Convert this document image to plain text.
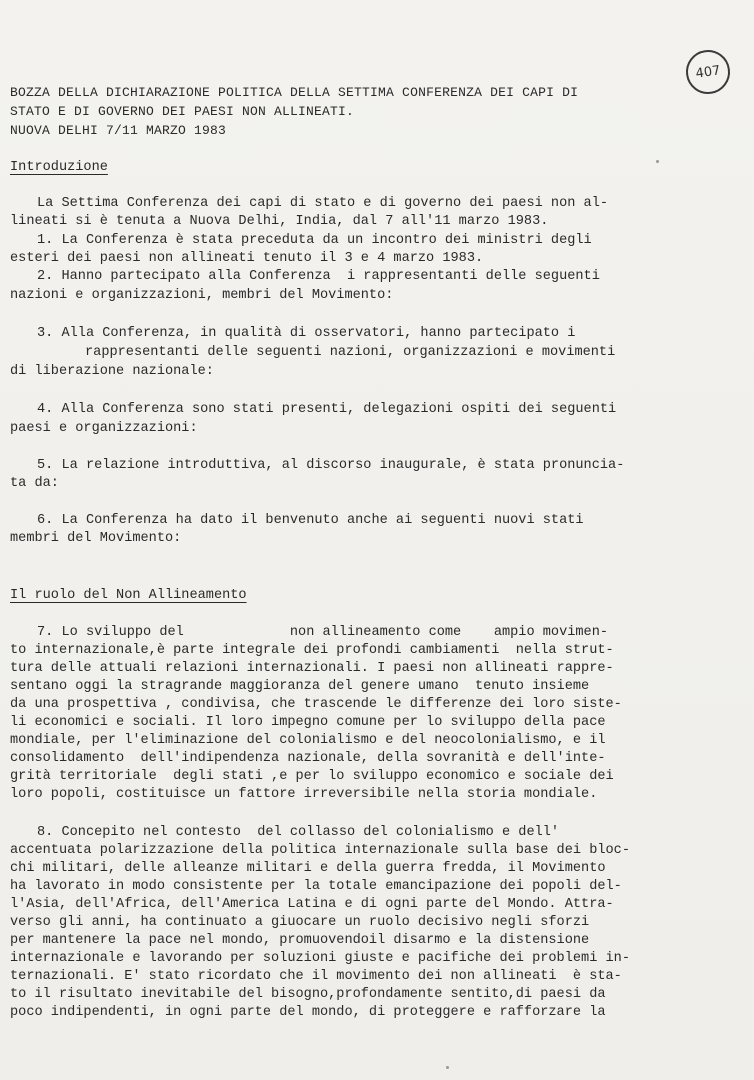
407
BOZZA DELLA DICHIARAZIONE POLITICA DELLA SETTIMA CONFERENZA DEI CAPI DI
STATO E DI GOVERNO DEI PAESI NON ALLINEATI.
NUOVA DELHI 7/11 MARZO 1983
Introduzione
La Settima Conferenza dei capi di stato e di governo dei paesi non al-
lineati si è tenuta a Nuova Delhi, India, dal 7 all'11 marzo 1983.
1. La Conferenza è stata preceduta da un incontro dei ministri degli
esteri dei paesi non allineati tenuto il 3 e 4 marzo 1983.
2. Hanno partecipato alla Conferenza  i rappresentanti delle seguenti
nazioni e organizzazioni, membri del Movimento:
3. Alla Conferenza, in qualità di osservatori, hanno partecipato i
rappresentanti delle seguenti nazioni, organizzazioni e movimenti
di liberazione nazionale:
4. Alla Conferenza sono stati presenti, delegazioni ospiti dei seguenti
paesi e organizzazioni:
5. La relazione introduttiva, al discorso inaugurale, è stata pronuncia-
ta da:
6. La Conferenza ha dato il benvenuto anche ai seguenti nuovi stati
membri del Movimento:
Il ruolo del Non Allineamento
7. Lo sviluppo del             non allineamento come    ampio movimen-
to internazionale,è parte integrale dei profondi cambiamenti  nella strut-
tura delle attuali relazioni internazionali. I paesi non allineati rappre-
sentano oggi la stragrande maggioranza del genere umano  tenuto insieme
da una prospettiva , condivisa, che trascende le differenze dei loro siste-
li economici e sociali. Il loro impegno comune per lo sviluppo della pace
mondiale, per l'eliminazione del colonialismo e del neocolonialismo, e il
consolidamento  dell'indipendenza nazionale, della sovranità e dell'inte-
grità territoriale  degli stati ,e per lo sviluppo economico e sociale dei
loro popoli, costituisce un fattore irreversibile nella storia mondiale.
8. Concepito nel contesto  del collasso del colonialismo e dell'
accentuata polarizzazione della politica internazionale sulla base dei bloc-
chi militari, delle alleanze militari e della guerra fredda, il Movimento
ha lavorato in modo consistente per la totale emancipazione dei popoli del-
l'Asia, dell'Africa, dell'America Latina e di ogni parte del Mondo. Attra-
verso gli anni, ha continuato a giuocare un ruolo decisivo negli sforzi
per mantenere la pace nel mondo, promuovendoil disarmo e la distensione
internazionale e lavorando per soluzioni giuste e pacifiche dei problemi in-
ternazionali. E' stato ricordato che il movimento dei non allineati  è sta-
to il risultato inevitabile del bisogno,profondamente sentito,di paesi da
poco indipendenti, in ogni parte del mondo, di proteggere e rafforzare la
